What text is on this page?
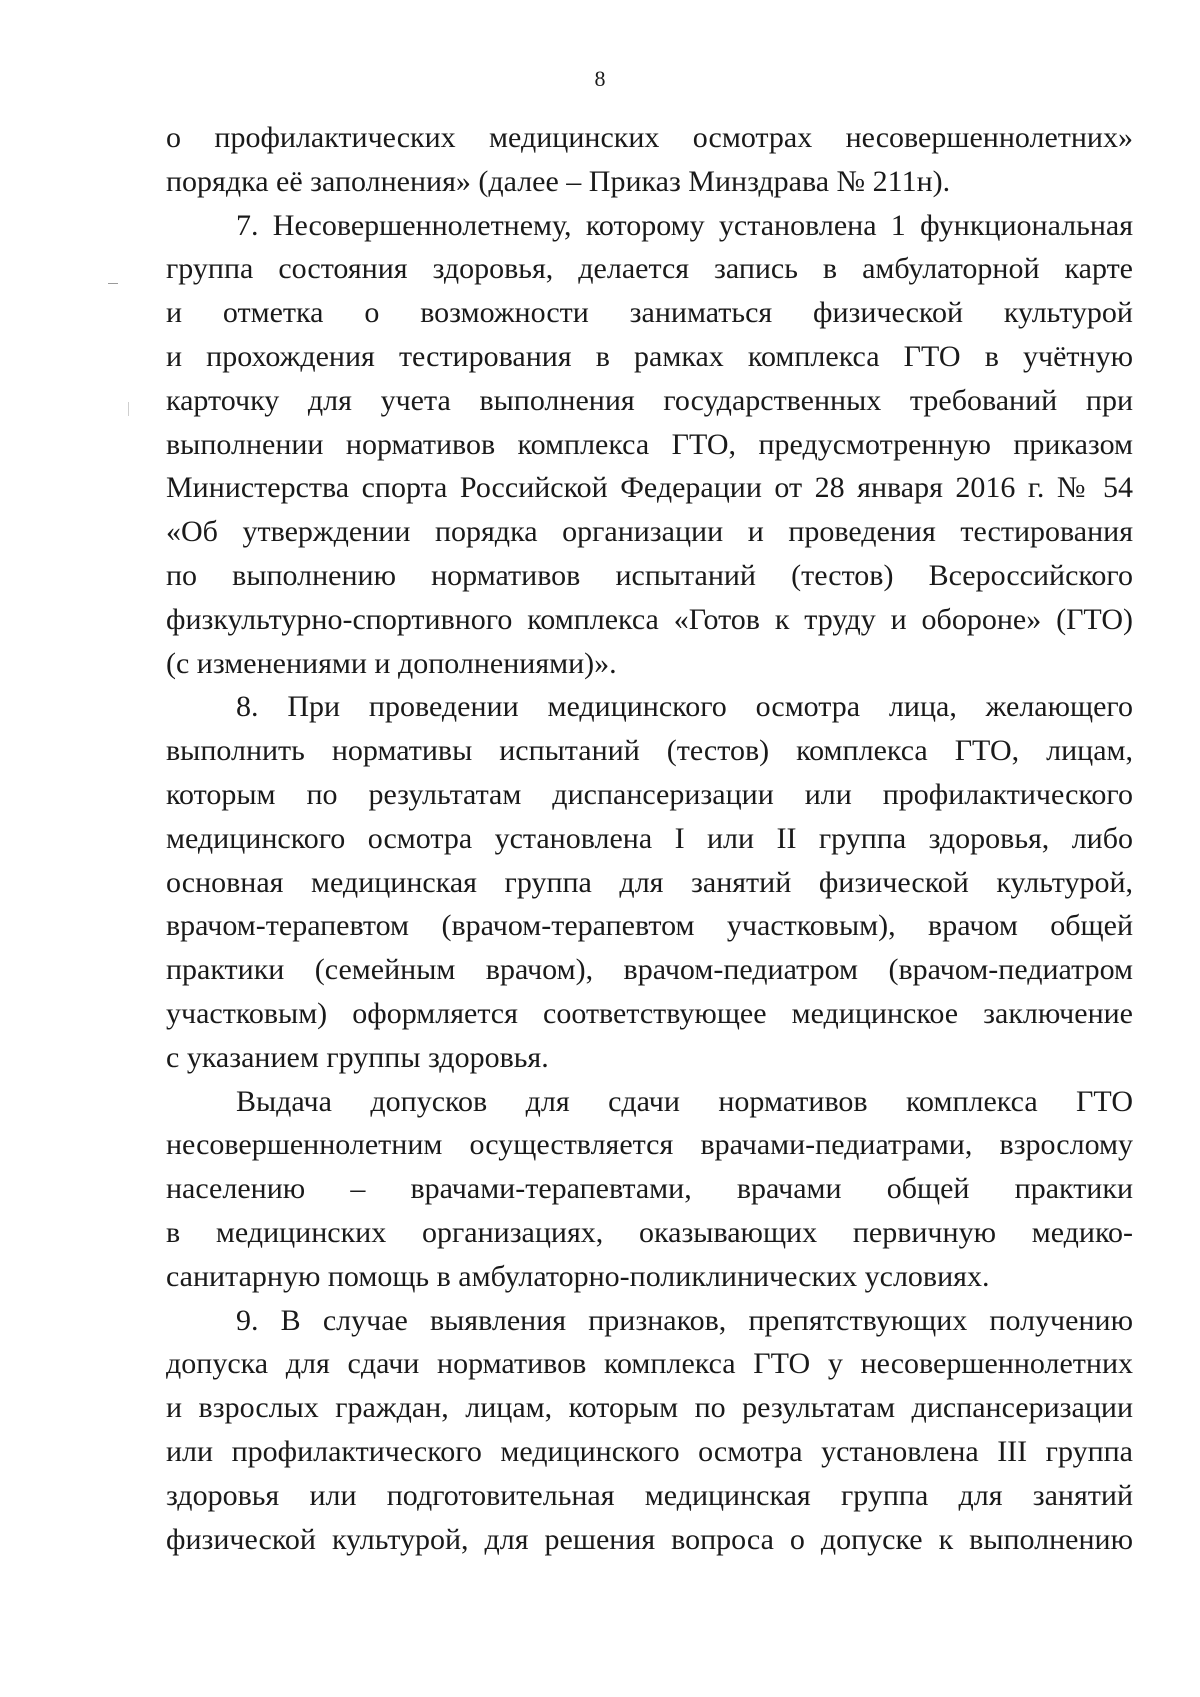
8
о профилактических медицинских осмотрах несовершеннолетних»
порядка её заполнения» (далее – Приказ Минздрава № 211н).
7. Несовершеннолетнему, которому установлена 1 функциональная
группа состояния здоровья, делается запись в амбулаторной карте
и отметка о возможности заниматься физической культурой
и прохождения тестирования в рамках комплекса ГТО в учётную
карточку для учета выполнения государственных требований при
выполнении нормативов комплекса ГТО, предусмотренную приказом
Министерства спорта Российской Федерации от 28 января 2016 г. № 54
«Об утверждении порядка организации и проведения тестирования
по выполнению нормативов испытаний (тестов) Всероссийского
физкультурно-спортивного комплекса «Готов к труду и обороне» (ГТО)
(с изменениями и дополнениями)».
8. При проведении медицинского осмотра лица, желающего
выполнить нормативы испытаний (тестов) комплекса ГТО, лицам,
которым по результатам диспансеризации или профилактического
медицинского осмотра установлена I или II группа здоровья, либо
основная медицинская группа для занятий физической культурой,
врачом-терапевтом (врачом-терапевтом участковым), врачом общей
практики (семейным врачом), врачом-педиатром (врачом-педиатром
участковым) оформляется соответствующее медицинское заключение
с указанием группы здоровья.
Выдача допусков для сдачи нормативов комплекса ГТО
несовершеннолетним осуществляется врачами-педиатрами, взрослому
населению – врачами-терапевтами, врачами общей практики
в медицинских организациях, оказывающих первичную медико-
санитарную помощь в амбулаторно-поликлинических условиях.
9. В случае выявления признаков, препятствующих получению
допуска для сдачи нормативов комплекса ГТО у несовершеннолетних
и взрослых граждан, лицам, которым по результатам диспансеризации
или профилактического медицинского осмотра установлена III группа
здоровья или подготовительная медицинская группа для занятий
физической культурой, для решения вопроса о допуске к выполнению
